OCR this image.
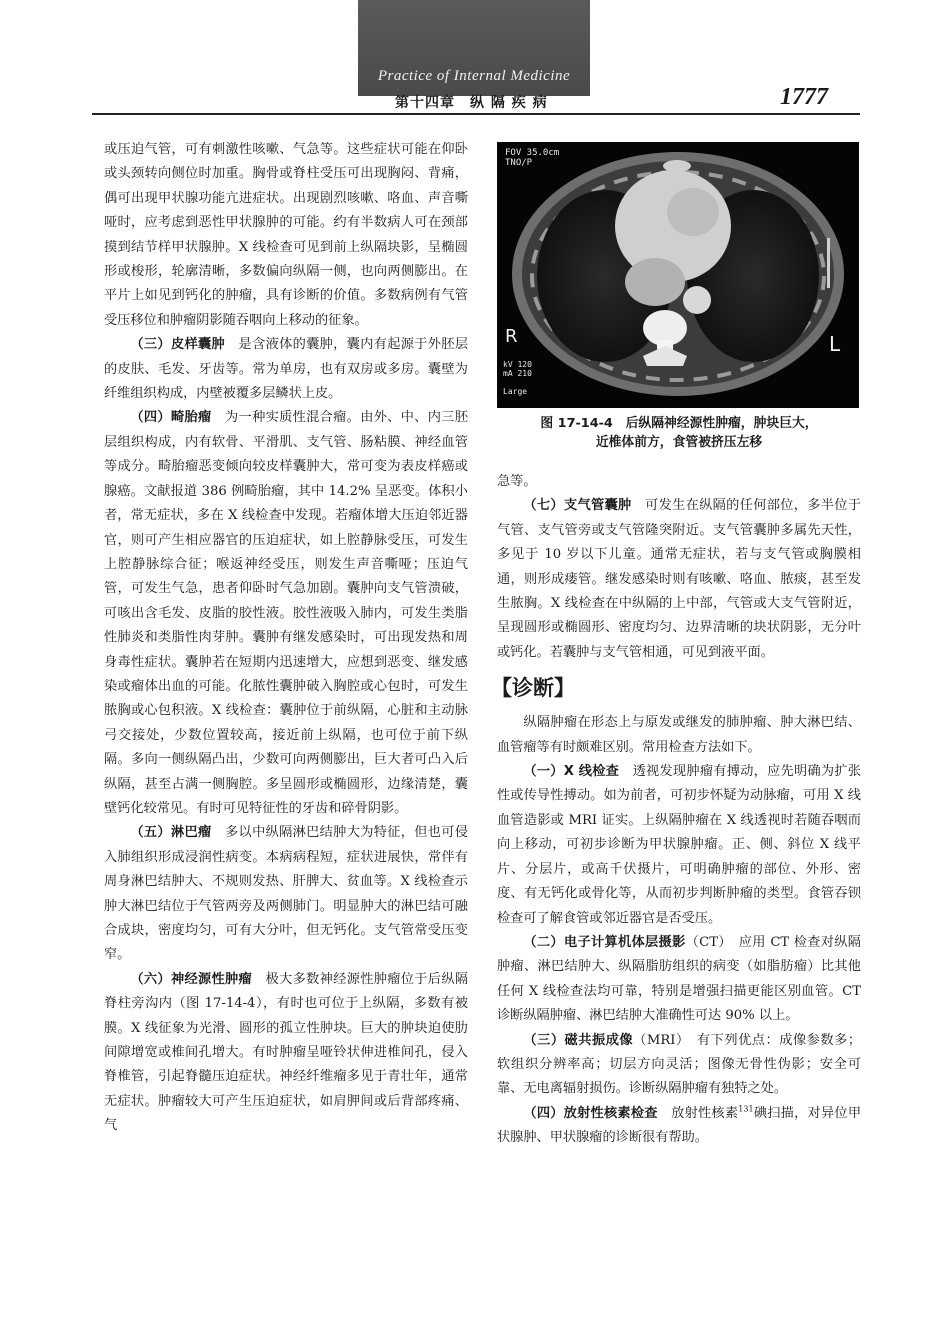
Practice of Internal Medicine
第十四章　纵 隔 疾 病	1777

或压迫气管，可有刺激性咳嗽、气急等。这些症状可能在仰卧或头颈转向侧位时加重。胸骨或脊柱受压可出现胸闷、背痛，偶可出现甲状腺功能亢进症状。出现剧烈咳嗽、咯血、声音嘶哑时，应考虑到恶性甲状腺肿的可能。约有半数病人可在颈部摸到结节样甲状腺肿。X 线检查可见到前上纵隔块影，呈椭圆形或梭形，轮廓清晰，多数偏向纵隔一侧，也向两侧膨出。在平片上如见到钙化的肿瘤，具有诊断的价值。多数病例有气管受压移位和肿瘤阴影随吞咽向上移动的征象。

（三）皮样囊肿　 是含液体的囊肿，囊内有起源于外胚层的皮肤、毛发、牙齿等。常为单房，也有双房或多房。囊壁为纤维组织构成，内壁被覆多层鳞状上皮。

（四）畸胎瘤　 为一种实质性混合瘤。由外、中、内三胚层组织构成，内有软骨、平滑肌、支气管、肠粘膜、神经血管等成分。畸胎瘤恶变倾向较皮样囊肿大，常可变为表皮样癌或腺癌。文献报道 386 例畸胎瘤，其中 14.2% 呈恶变。体积小者，常无症状，多在 X 线检查中发现。若瘤体增大压迫邻近器官，则可产生相应器官的压迫症状，如上腔静脉受压，可发生上腔静脉综合征；喉返神经受压，则发生声音嘶哑；压迫气管，可发生气急，患者仰卧时气急加剧。囊肿向支气管溃破，可咳出含毛发、皮脂的胶性液。胶性液吸入肺内，可发生类脂性肺炎和类脂性肉芽肿。囊肿有继发感染时，可出现发热和周身毒性症状。囊肿若在短期内迅速增大，应想到恶变、继发感染或瘤体出血的可能。化脓性囊肿破入胸腔或心包时，可发生脓胸或心包积液。X 线检查：囊肿位于前纵隔，心脏和主动脉弓交接处，少数位置较高，接近前上纵隔，也可位于前下纵隔。多向一侧纵隔凸出，少数可向两侧膨出，巨大者可凸入后纵隔，甚至占满一侧胸腔。多呈圆形或椭圆形，边缘清楚，囊壁钙化较常见。有时可见特征性的牙齿和碎骨阴影。

（五）淋巴瘤　 多以中纵隔淋巴结肿大为特征，但也可侵入肺组织形成浸润性病变。本病病程短，症状进展快，常伴有周身淋巴结肿大、不规则发热、肝脾大、贫血等。X 线检查示肿大淋巴结位于气管两旁及两侧肺门。明显肿大的淋巴结可融合成块，密度均匀，可有大分叶，但无钙化。支气管常受压变窄。

（六）神经源性肿瘤　 极大多数神经源性肿瘤位于后纵隔脊柱旁沟内（图 17-14-4），有时也可位于上纵隔，多数有被膜。X 线征象为光滑、圆形的孤立性肿块。巨大的肿块迫使肋间隙增宽或椎间孔增大。有时肿瘤呈哑铃状伸进椎间孔，侵入脊椎管，引起脊髓压迫症状。神经纤维瘤多见于青壮年，通常无症状。肿瘤较大可产生压迫症状，如肩胛间或后背部疼痛、气

FOV 35.0cm
TNO/P
kV 120
mA 210

Large
R	L
图 17-14-4　 后纵隔神经源性肿瘤，肿块巨大，
近椎体前方，食管被挤压左移

急等。

（七）支气管囊肿　 可发生在纵隔的任何部位，多半位于气管、支气管旁或支气管隆突附近。支气管囊肿多属先天性，多见于 10 岁以下儿童。通常无症状，若与支气管或胸膜相通，则形成瘘管。继发感染时则有咳嗽、咯血、脓痰，甚至发生脓胸。X 线检查在中纵隔的上中部，气管或大支气管附近，呈现圆形或椭圆形、密度均匀、边界清晰的块状阴影，无分叶或钙化。若囊肿与支气管相通，可见到液平面。

【诊断】

纵隔肿瘤在形态上与原发或继发的肺肿瘤、肿大淋巴结、血管瘤等有时颇难区别。常用检查方法如下。

（一）X 线检查　 透视发现肿瘤有搏动，应先明确为扩张性或传导性搏动。如为前者，可初步怀疑为动脉瘤，可用 X 线血管造影或 MRI 证实。上纵隔肿瘤在 X 线透视时若随吞咽而向上移动，可初步诊断为甲状腺肿瘤。正、侧、斜位 X 线平片、分层片，或高千伏摄片，可明确肿瘤的部位、外形、密度、有无钙化或骨化等，从而初步判断肿瘤的类型。食管吞钡检查可了解食管或邻近器官是否受压。

（二）电子计算机体层摄影（CT）　 应用 CT 检查对纵隔肿瘤、淋巴结肿大、纵隔脂肪组织的病变（如脂肪瘤）比其他任何 X 线检查法均可靠，特别是增强扫描更能区别血管。CT 诊断纵隔肿瘤、淋巴结肿大准确性可达 90% 以上。

（三）磁共振成像（MRI）　 有下列优点：成像参数多；软组织分辨率高；切层方向灵活；图像无骨性伪影；安全可靠、无电离辐射损伤。诊断纵隔肿瘤有独特之处。

（四）放射性核素检查　 放射性核素$^{131}$碘扫描，对异位甲状腺肿、甲状腺瘤的诊断很有帮助。
